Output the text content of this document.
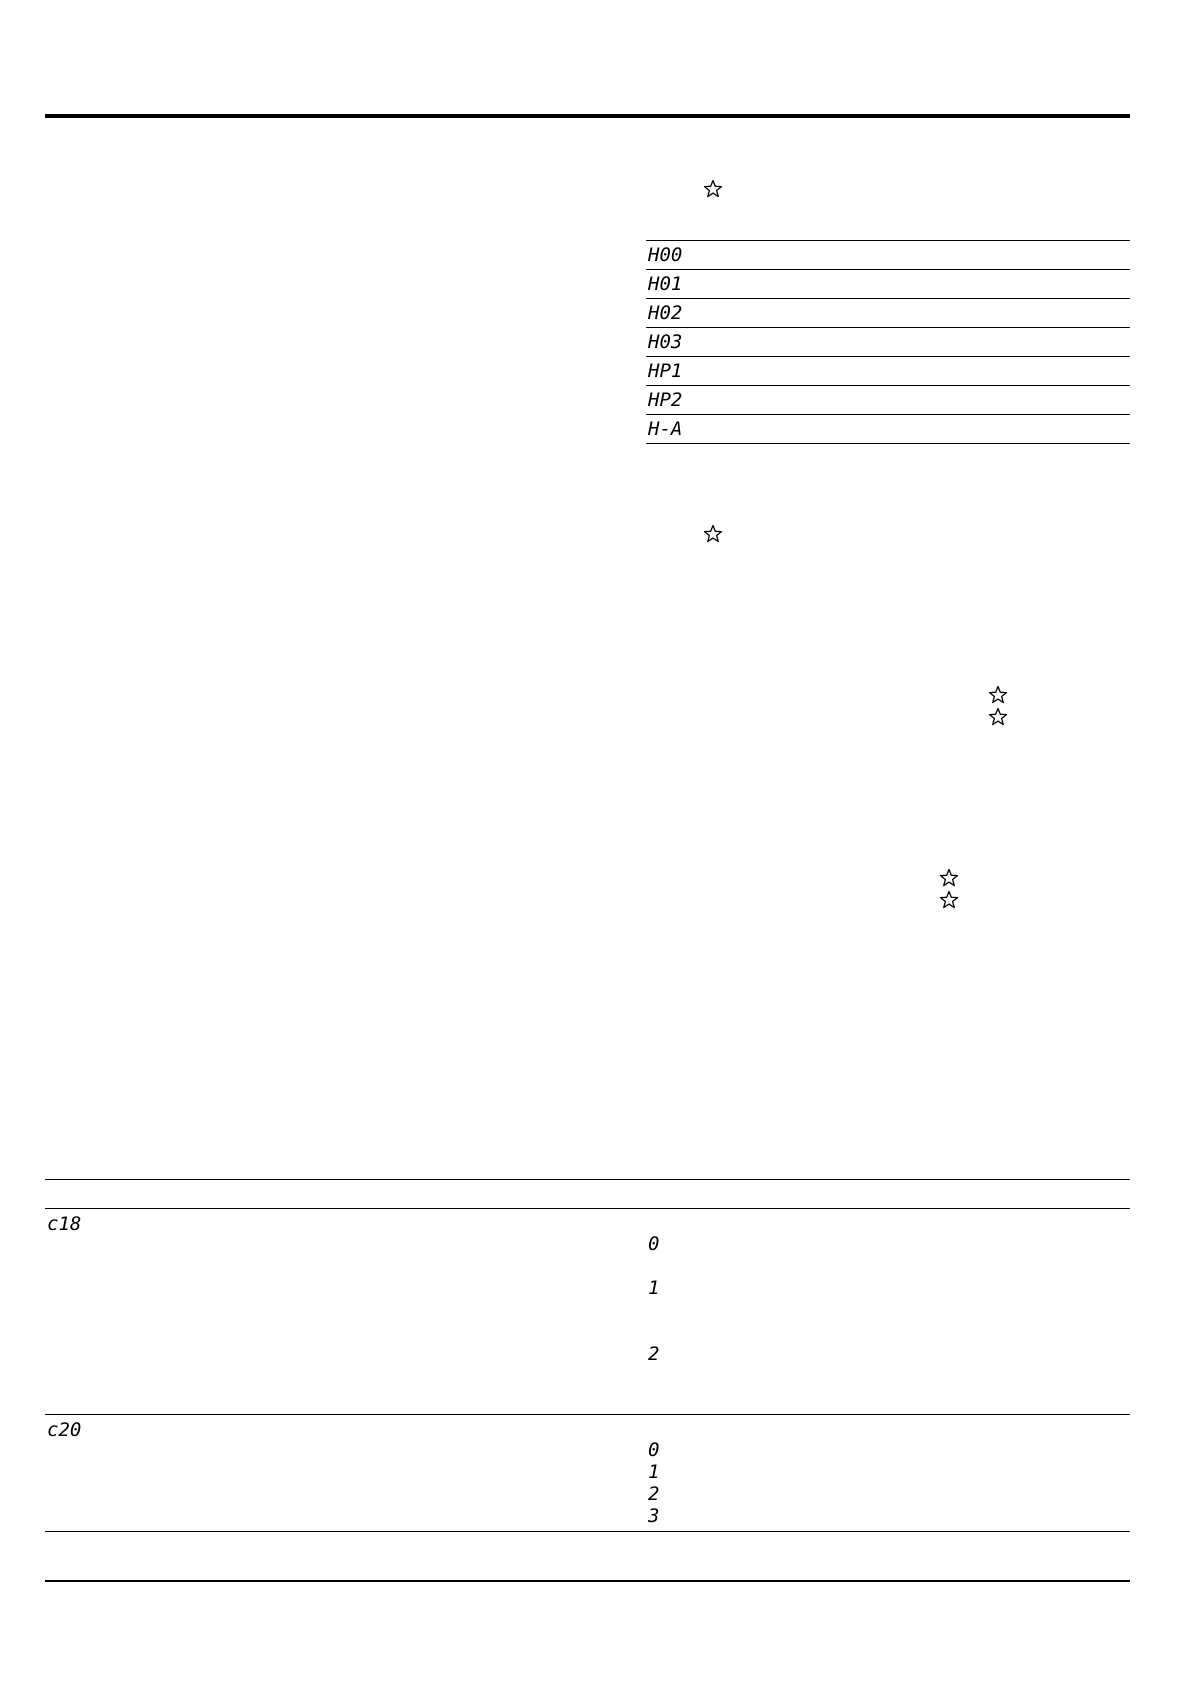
H00
H01
H02
H03
HP1
HP2
H-A
c18
0
1
2
c20
0
1
2
3
